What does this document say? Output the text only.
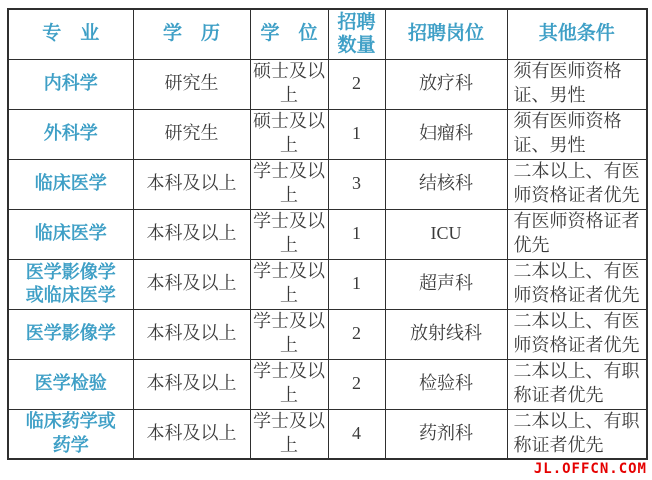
专　业	学　历	学　位	招聘数量	招聘岗位	其他条件
内科学	研究生	硕士及以上	2	放疗科	须有医师资格证、男性
外科学	研究生	硕士及以上	1	妇瘤科	须有医师资格证、男性
临床医学	本科及以上	学士及以上	3	结核科	二本以上、有医师资格证者优先
临床医学	本科及以上	学士及以上	1	ICU	有医师资格证者优先
医学影像学或临床医学	本科及以上	学士及以上	1	超声科	二本以上、有医师资格证者优先
医学影像学	本科及以上	学士及以上	2	放射线科	二本以上、有医师资格证者优先
医学检验	本科及以上	学士及以上	2	检验科	二本以上、有职称证者优先
临床药学或药学	本科及以上	学士及以上	4	药剂科	二本以上、有职称证者优先
JL.OFFCN.COM
